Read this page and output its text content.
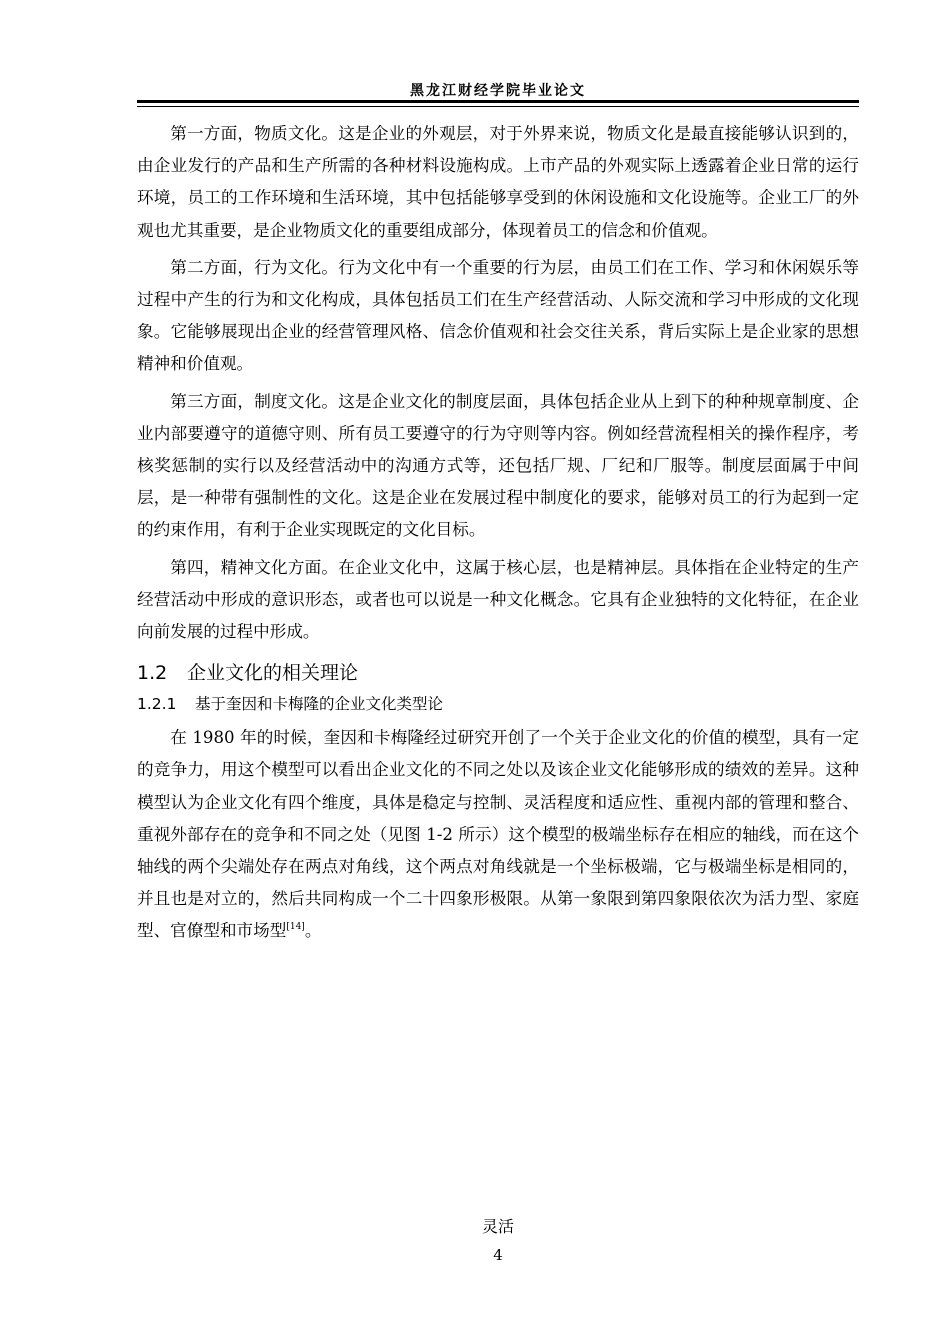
黑龙江财经学院毕业论文

第一方面，物质文化。这是企业的外观层，对于外界来说，物质文化是最直接能够认识到的，由企业发行的产品和生产所需的各种材料设施构成。上市产品的外观实际上透露着企业日常的运行环境，员工的工作环境和生活环境，其中包括能够享受到的休闲设施和文化设施等。企业工厂的外观也尤其重要，是企业物质文化的重要组成部分，体现着员工的信念和价值观。

第二方面，行为文化。行为文化中有一个重要的行为层，由员工们在工作、学习和休闲娱乐等过程中产生的行为和文化构成，具体包括员工们在生产经营活动、人际交流和学习中形成的文化现象。它能够展现出企业的经营管理风格、信念价值观和社会交往关系，背后实际上是企业家的思想精神和价值观。

第三方面，制度文化。这是企业文化的制度层面，具体包括企业从上到下的种种规章制度、企业内部要遵守的道德守则、所有员工要遵守的行为守则等内容。例如经营流程相关的操作程序，考核奖惩制的实行以及经营活动中的沟通方式等，还包括厂规、厂纪和厂服等。制度层面属于中间层，是一种带有强制性的文化。这是企业在发展过程中制度化的要求，能够对员工的行为起到一定的约束作用，有利于企业实现既定的文化目标。

第四，精神文化方面。在企业文化中，这属于核心层，也是精神层。具体指在企业特定的生产经营活动中形成的意识形态，或者也可以说是一种文化概念。它具有企业独特的文化特征，在企业向前发展的过程中形成。

1.2 企业文化的相关理论
1.2.1 基于奎因和卡梅隆的企业文化类型论

在 1980 年的时候，奎因和卡梅隆经过研究开创了一个关于企业文化的价值的模型，具有一定的竞争力，用这个模型可以看出企业文化的不同之处以及该企业文化能够形成的绩效的差异。这种模型认为企业文化有四个维度，具体是稳定与控制、灵活程度和适应性、重视内部的管理和整合、重视外部存在的竞争和不同之处（见图 1-2 所示）这个模型的极端坐标存在相应的轴线，而在这个轴线的两个尖端处存在两点对角线，这个两点对角线就是一个坐标极端，它与极端坐标是相同的，并且也是对立的，然后共同构成一个二十四象形极限。从第一象限到第四象限依次为活力型、家庭型、官僚型和市场型[14]。

灵活
4
